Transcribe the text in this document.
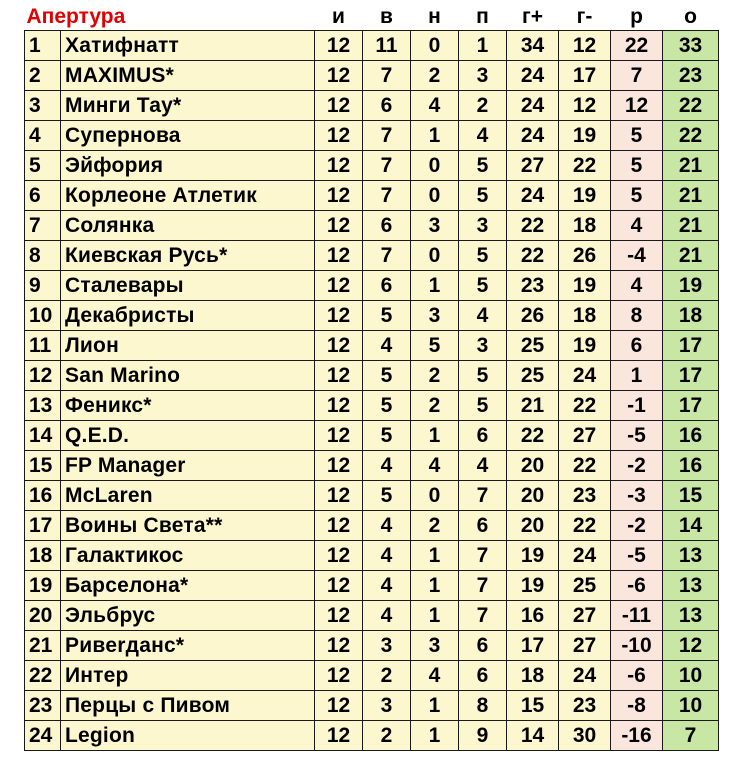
Апертура		и	в	н	п	г+	г-	р	о
1	Хатифнатт	12	11	0	1	34	12	22	33
2	MAXIMUS*	12	7	2	3	24	17	7	23
3	Минги Тау*	12	6	4	2	24	12	12	22
4	Супернова	12	7	1	4	24	19	5	22
5	Эйфория	12	7	0	5	27	22	5	21
6	Корлеоне Атлетик	12	7	0	5	24	19	5	21
7	Солянка	12	6	3	3	22	18	4	21
8	Киевская Русь*	12	7	0	5	22	26	-4	21
9	Сталевары	12	6	1	5	23	19	4	19
10	Декабристы	12	5	3	4	26	18	8	18
11	Лион	12	4	5	3	25	19	6	17
12	San Marino	12	5	2	5	25	24	1	17
13	Феникс*	12	5	2	5	21	22	-1	17
14	Q.E.D.	12	5	1	6	22	27	-5	16
15	FP Manager	12	4	4	4	20	22	-2	16
16	McLaren	12	5	0	7	20	23	-3	15
17	Воины Света**	12	4	2	6	20	22	-2	14
18	Галактикос	12	4	1	7	19	24	-5	13
19	Барселона*	12	4	1	7	19	25	-6	13
20	Эльбрус	12	4	1	7	16	27	-11	13
21	Ривerданс*	12	3	3	6	17	27	-10	12
22	Интер	12	2	4	6	18	24	-6	10
23	Перцы с Пивом	12	3	1	8	15	23	-8	10
24	Legion	12	2	1	9	14	30	-16	7
